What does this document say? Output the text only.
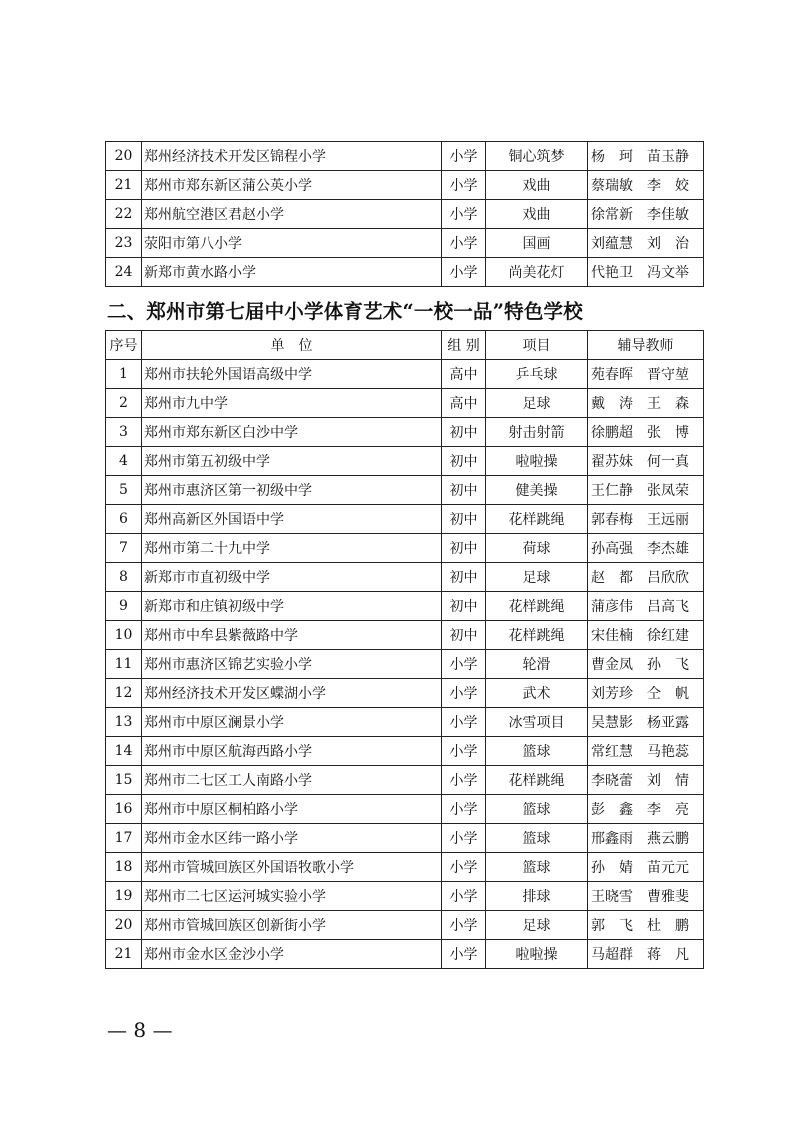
20	郑州经济技术开发区锦程小学	小学	铜心筑梦	杨　珂　苗玉静
21	郑州市郑东新区蒲公英小学	小学	戏曲	蔡瑞敏　李　姣
22	郑州航空港区君赵小学	小学	戏曲	徐常新　李佳敏
23	荥阳市第八小学	小学	国画	刘蕴慧　刘　治
24	新郑市黄水路小学	小学	尚美花灯	代艳卫　冯文举
二、郑州市第七届中小学体育艺术“一校一品”特色学校
序号	单　位	组 别	项目	辅导教师
1	郑州市扶轮外国语高级中学	高中	乒乓球	苑春晖　晋守堃
2	郑州市九中学	高中	足球	戴　涛　王　森
3	郑州市郑东新区白沙中学	初中	射击射箭	徐鹏超　张　博
4	郑州市第五初级中学	初中	啦啦操	翟苏妹　何一真
5	郑州市惠济区第一初级中学	初中	健美操	王仁静　张凤荣
6	郑州高新区外国语中学	初中	花样跳绳	郭春梅　王远丽
7	郑州市第二十九中学	初中	荷球	孙高强　李杰雄
8	新郑市市直初级中学	初中	足球	赵　都　吕欣欣
9	新郑市和庄镇初级中学	初中	花样跳绳	蒲彦伟　吕高飞
10	郑州市中牟县紫薇路中学	初中	花样跳绳	宋佳楠　徐红建
11	郑州市惠济区锦艺实验小学	小学	轮滑	曹金凤　孙　飞
12	郑州经济技术开发区蝶湖小学	小学	武术	刘芳珍　仝　帆
13	郑州市中原区澜景小学	小学	冰雪项目	吴慧影　杨亚露
14	郑州市中原区航海西路小学	小学	篮球	常红慧　马艳蕊
15	郑州市二七区工人南路小学	小学	花样跳绳	李晓蕾　刘　情
16	郑州市中原区桐柏路小学	小学	篮球	彭　鑫　李　亮
17	郑州市金水区纬一路小学	小学	篮球	邢鑫雨　燕云鹏
18	郑州市管城回族区外国语牧歌小学	小学	篮球	孙　婧　苗元元
19	郑州市二七区运河城实验小学	小学	排球	王晓雪　曹雅斐
20	郑州市管城回族区创新街小学	小学	足球	郭　飞　杜　鹏
21	郑州市金水区金沙小学	小学	啦啦操	马超群　蒋　凡
— 8 —
